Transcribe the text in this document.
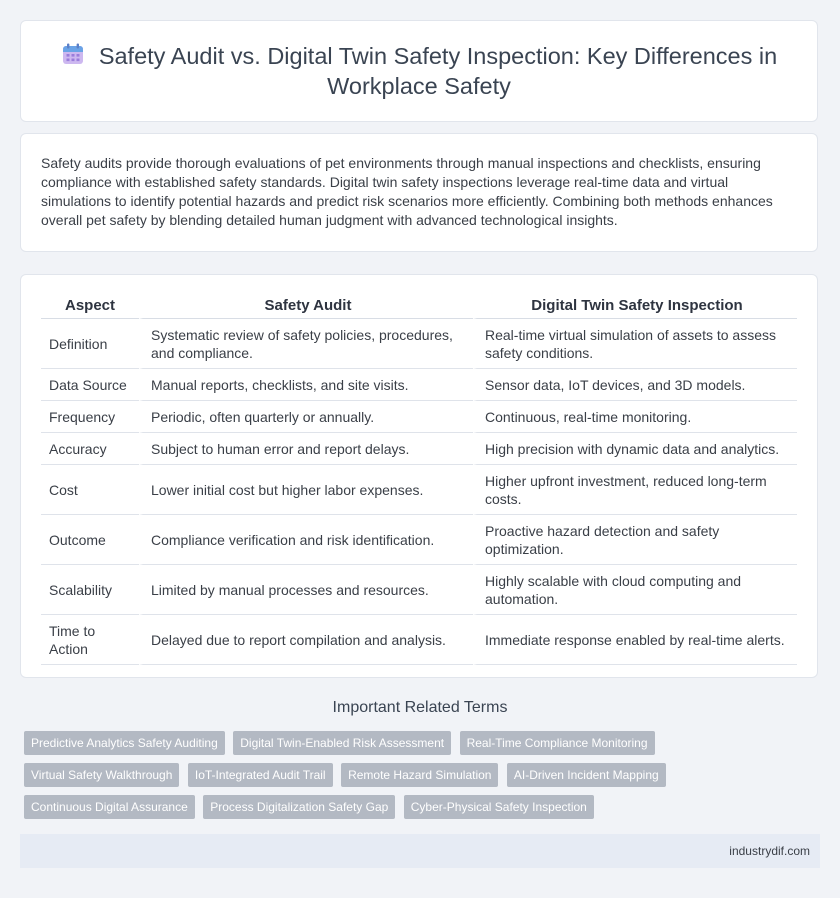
Safety Audit vs. Digital Twin Safety Inspection: Key Differences in Workplace Safety

Safety audits provide thorough evaluations of pet environments through manual inspections and checklists, ensuring compliance with established safety standards. Digital twin safety inspections leverage real-time data and virtual simulations to identify potential hazards and predict risk scenarios more efficiently. Combining both methods enhances overall pet safety by blending detailed human judgment with advanced technological insights.

Aspect	Safety Audit	Digital Twin Safety Inspection
Definition	Systematic review of safety policies, procedures, and compliance.	Real-time virtual simulation of assets to assess safety conditions.
Data Source	Manual reports, checklists, and site visits.	Sensor data, IoT devices, and 3D models.
Frequency	Periodic, often quarterly or annually.	Continuous, real-time monitoring.
Accuracy	Subject to human error and report delays.	High precision with dynamic data and analytics.
Cost	Lower initial cost but higher labor expenses.	Higher upfront investment, reduced long-term costs.
Outcome	Compliance verification and risk identification.	Proactive hazard detection and safety optimization.
Scalability	Limited by manual processes and resources.	Highly scalable with cloud computing and automation.
Time to Action	Delayed due to report compilation and analysis.	Immediate response enabled by real-time alerts.
Important Related Terms
Predictive Analytics Safety Auditing Digital Twin-Enabled Risk Assessment Real-Time Compliance Monitoring
Virtual Safety Walkthrough IoT-Integrated Audit Trail Remote Hazard Simulation AI-Driven Incident Mapping
Continuous Digital Assurance Process Digitalization Safety Gap Cyber-Physical Safety Inspection
industrydif.com
